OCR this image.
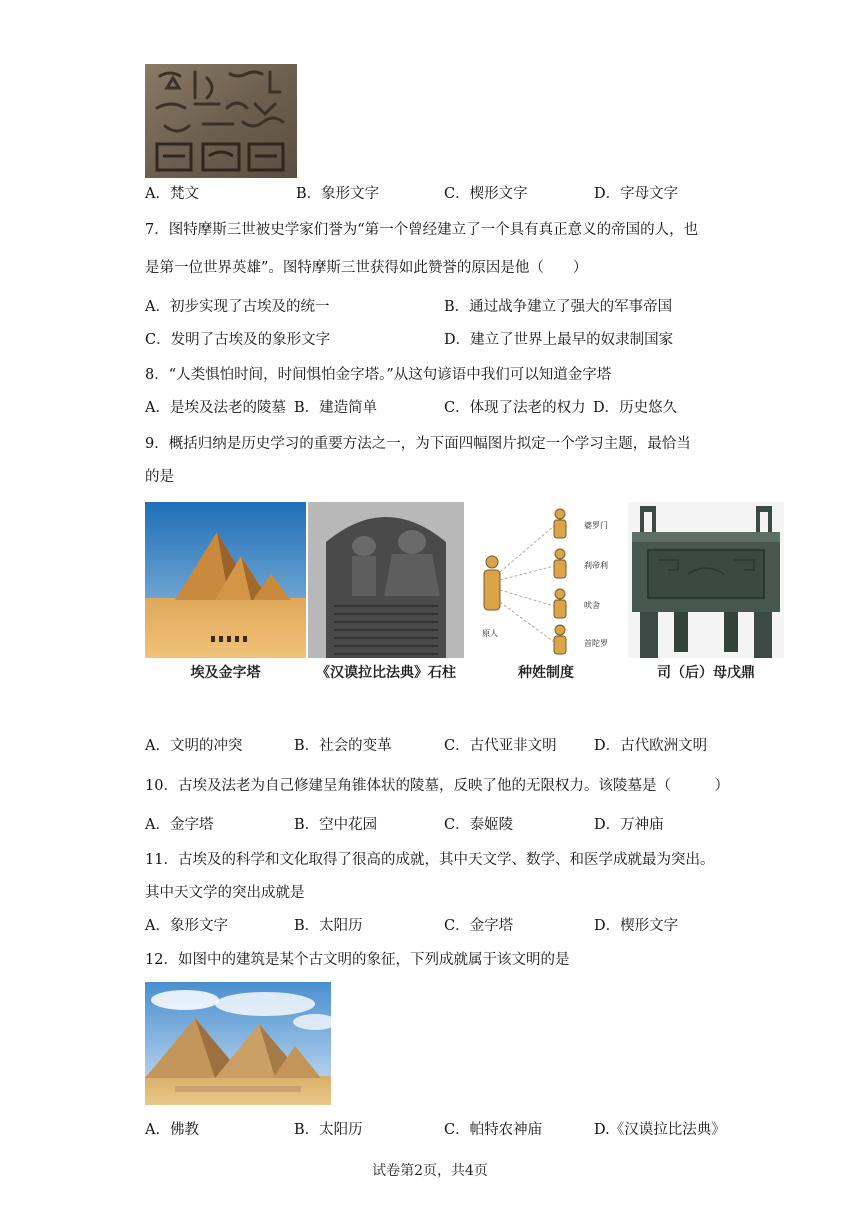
A．梵文	B．象形文字	C．楔形文字	D．字母文字
7．图特摩斯三世被史学家们誉为“第一个曾经建立了一个具有真正意义的帝国的人，也
是第一位世界英雄”。图特摩斯三世获得如此赞誉的原因是他（　　）
A．初步实现了古埃及的统一	B．通过战争建立了强大的军事帝国
C．发明了古埃及的象形文字	D．建立了世界上最早的奴隶制国家
8．“人类惧怕时间，时间惧怕金字塔。”从这句谚语中我们可以知道金字塔
A．是埃及法老的陵墓 B．建造简单	C．体现了法老的权力 D．历史悠久
9．概括归纳是历史学习的重要方法之一，为下面四幅图片拟定一个学习主题，最恰当
的是
埃及金字塔	《汉谟拉比法典》石柱
婆罗门
刹帝利
吠舍
首陀罗
原人
种姓制度	司（后）母戊鼎
A．文明的冲突	B．社会的变革	C．古代亚非文明	D．古代欧洲文明
10．古埃及法老为自己修建呈角锥体状的陵墓，反映了他的无限权力。该陵墓是（　　　）
A．金字塔	B．空中花园	C．泰姬陵	D．万神庙
11．古埃及的科学和文化取得了很高的成就，其中天文学、数学、和医学成就最为突出。
其中天文学的突出成就是
A．象形文字	B．太阳历	C．金字塔	D．楔形文字
12．如图中的建筑是某个古文明的象征，下列成就属于该文明的是
A．佛教	B．太阳历	C．帕特农神庙	D.《汉谟拉比法典》
试卷第2页，共4页
